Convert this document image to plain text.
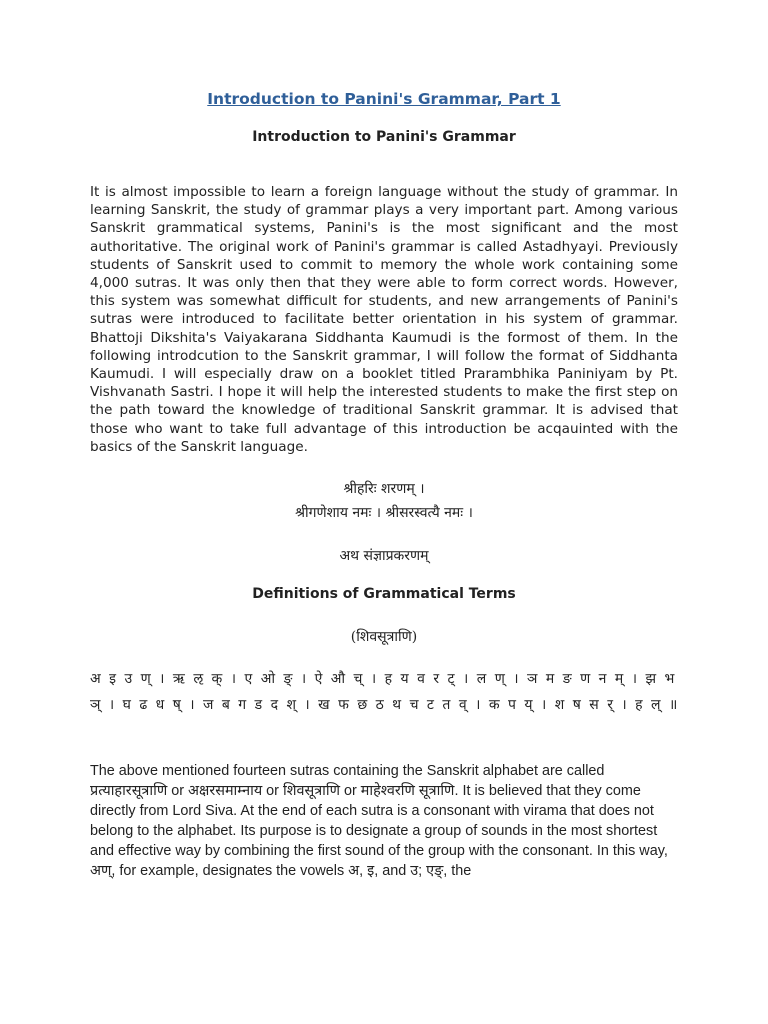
Introduction to Panini's Grammar, Part 1
Introduction to Panini's Grammar

It is almost impossible to learn a foreign language without the study of grammar. In learning Sanskrit, the study of grammar plays a very important part. Among various Sanskrit grammatical systems, Panini's is the most significant and the most authoritative. The original work of Panini's grammar is called Astadhyayi. Previously students of Sanskrit used to commit to memory the whole work containing some 4,000 sutras. It was only then that they were able to form correct words. However, this system was somewhat difficult for students, and new arrangements of Panini's sutras were introduced to facilitate better orientation in his system of grammar. Bhattoji Dikshita's Vaiyakarana Siddhanta Kaumudi is the formost of them. In the following introdcution to the Sanskrit grammar, I will follow the format of Siddhanta Kaumudi. I will especially draw on a booklet titled Prarambhika Paniniyam by Pt. Vishvanath Sastri. I hope it will help the interested students to make the first step on the path toward the knowledge of traditional Sanskrit grammar. It is advised that those who want to take full advantage of this introduction be acqauinted with the basics of the Sanskrit language.

श्रीहरिः शरणम् ।
श्रीगणेशाय नमः । श्रीसरस्वत्यै नमः ।
अथ संज्ञाप्रकरणम्
Definitions of Grammatical Terms
(शिवसूत्राणि)

अ इ उ ण् । ऋ ऌ क् । ए ओ ङ् । ऐ औ च् । ह य व र ट् । ल ण् । ञ म ङ ण न म् । झ भ ञ् । घ ढ ध ष् । ज ब ग ड द श् । ख फ छ ठ थ च ट त व् । क प य् । श ष स र् । ह ल् ॥

The above mentioned fourteen sutras containing the Sanskrit alphabet are called प्रत्याहारसूत्राणि or अक्षरसमाम्नाय or शिवसूत्राणि or माहेश्वरणि सूत्राणि. It is believed that they come directly from Lord Siva. At the end of each sutra is a consonant with virama that does not belong to the alphabet. Its purpose is to designate a group of sounds in the most shortest and effective way by combining the first sound of the group with the consonant. In this way, अण्, for example, designates the vowels अ, इ, and उ; एङ्, the
